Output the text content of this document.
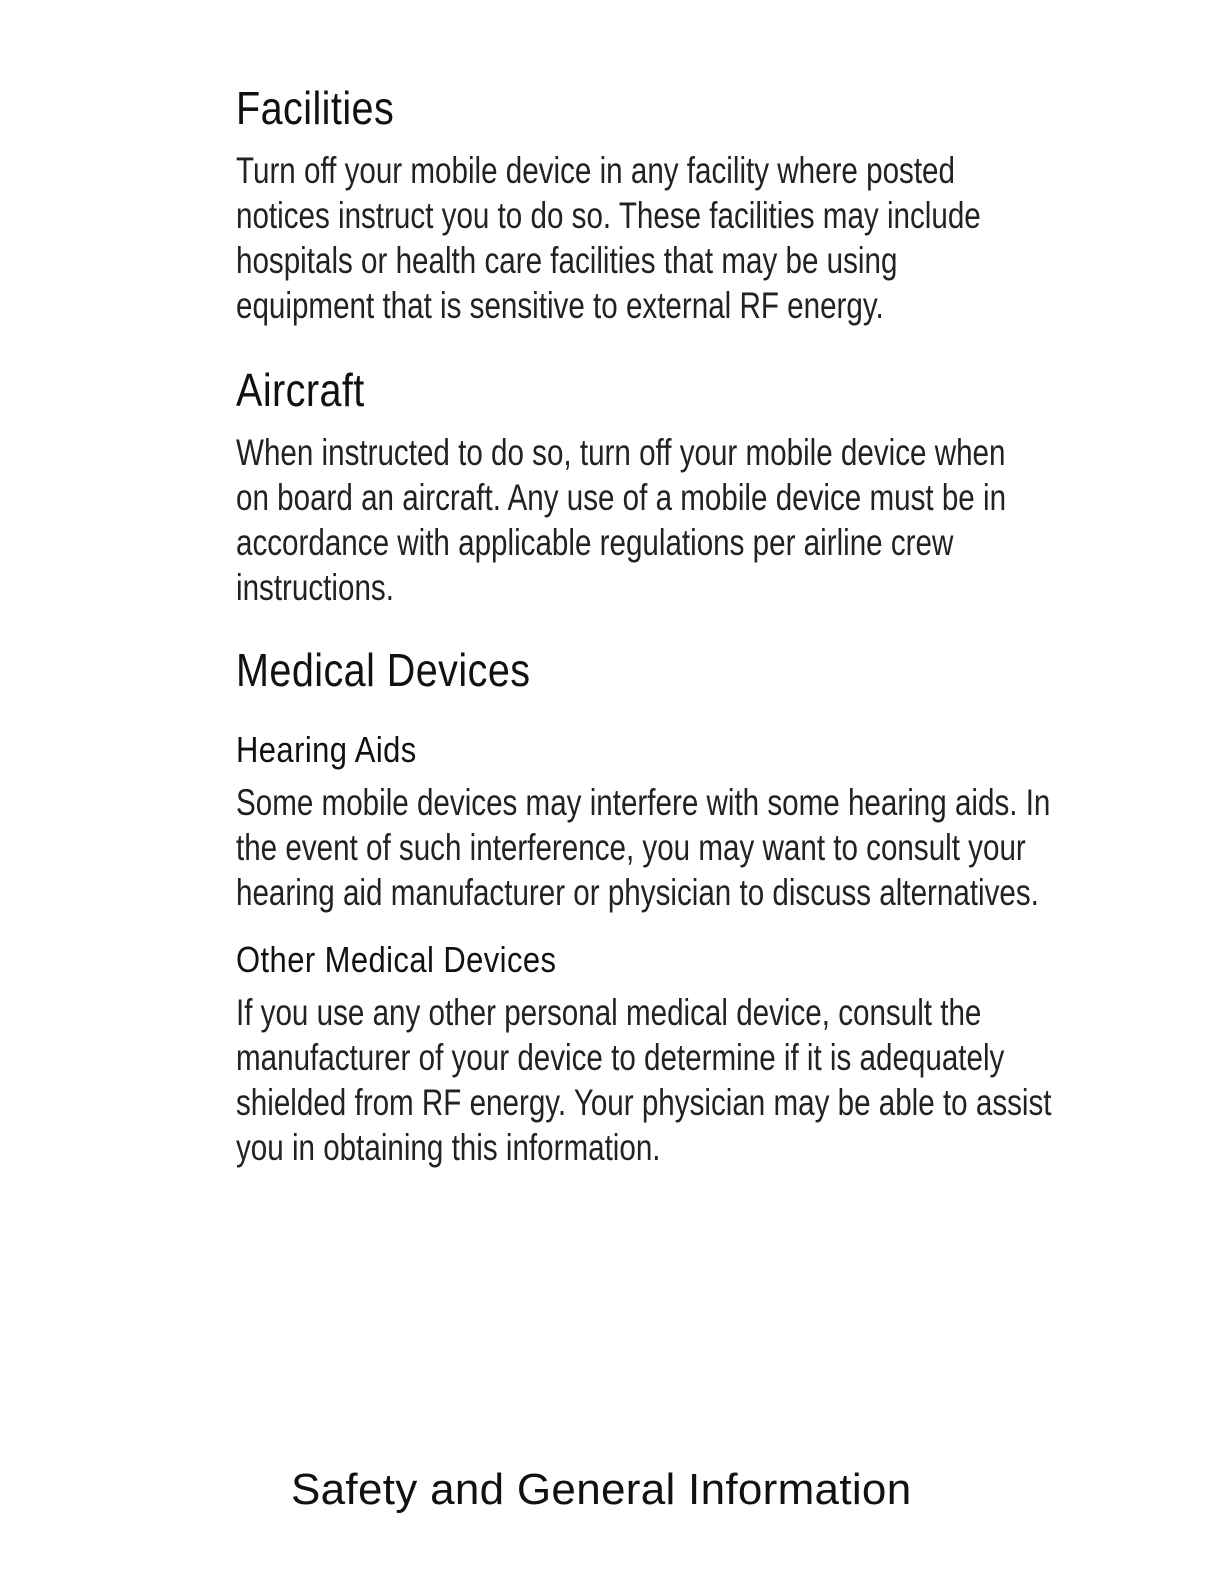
Facilities

Turn off your mobile device in any facility where posted

notices instruct you to do so. These facilities may include

hospitals or health care facilities that may be using

equipment that is sensitive to external RF energy.

Aircraft

When instructed to do so, turn off your mobile device when

on board an aircraft. Any use of a mobile device must be in

accordance with applicable regulations per airline crew

instructions.

Medical Devices
Hearing Aids

Some mobile devices may interfere with some hearing aids. In

the event of such interference, you may want to consult your

hearing aid manufacturer or physician to discuss alternatives.

Other Medical Devices

If you use any other personal medical device, consult the

manufacturer of your device to determine if it is adequately

shielded from RF energy. Your physician may be able to assist

you in obtaining this information.

Safety and General Information
